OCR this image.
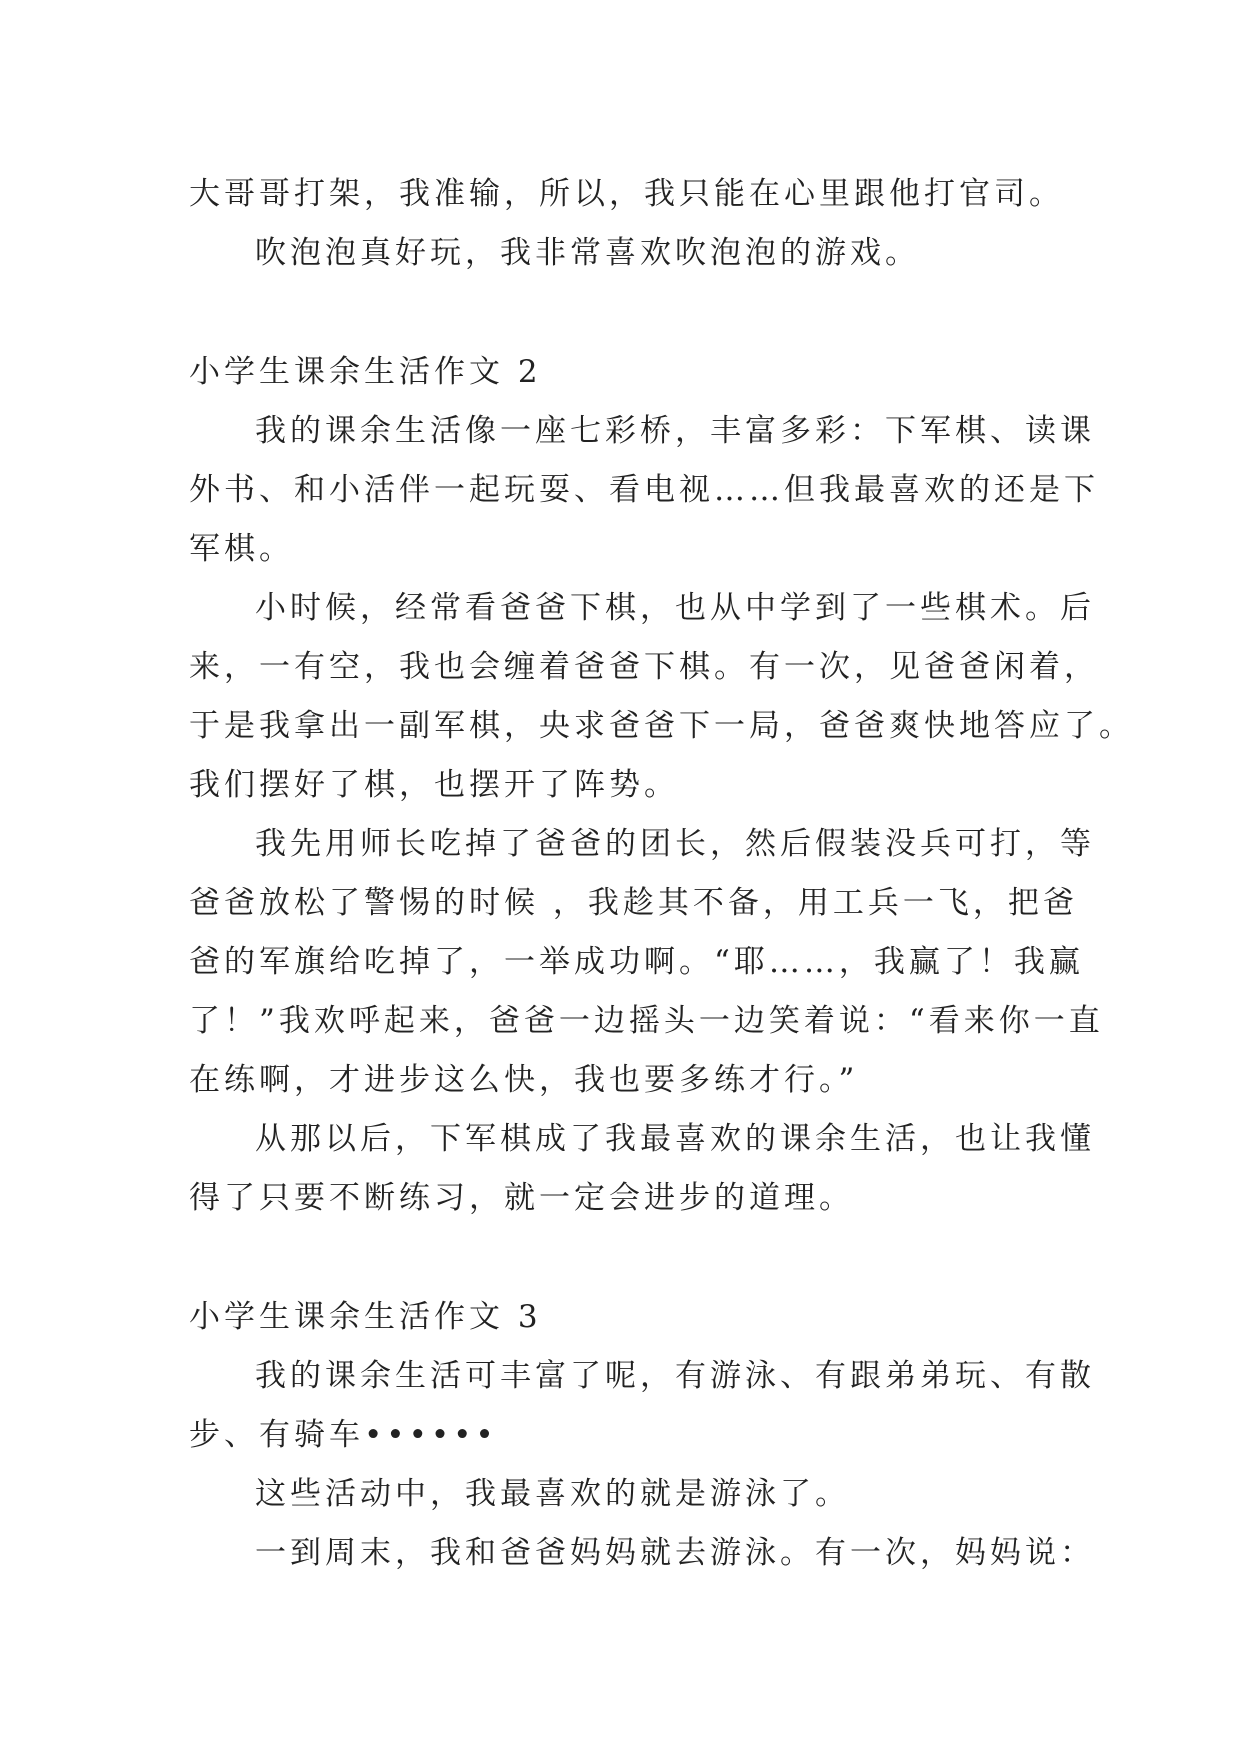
大哥哥打架，我准输，所以，我只能在心里跟他打官司。
吹泡泡真好玩，我非常喜欢吹泡泡的游戏。
小学生课余生活作文 2
我的课余生活像一座七彩桥，丰富多彩：下军棋、读课
外书、和小活伴一起玩耍、看电视……但我最喜欢的还是下
军棋。
小时候，经常看爸爸下棋，也从中学到了一些棋术。后
来，一有空，我也会缠着爸爸下棋。有一次，见爸爸闲着，
于是我拿出一副军棋，央求爸爸下一局，爸爸爽快地答应了。
我们摆好了棋，也摆开了阵势。
我先用师长吃掉了爸爸的团长，然后假装没兵可打，等
爸爸放松了警惕的时候 ，我趁其不备，用工兵一飞，把爸
爸的军旗给吃掉了，一举成功啊。“耶……，我赢了！我赢
了！”我欢呼起来，爸爸一边摇头一边笑着说：“看来你一直
在练啊，才进步这么快，我也要多练才行。”
从那以后，下军棋成了我最喜欢的课余生活，也让我懂
得了只要不断练习，就一定会进步的道理。
小学生课余生活作文 3
我的课余生活可丰富了呢，有游泳、有跟弟弟玩、有散
步、有骑车••••••
这些活动中，我最喜欢的就是游泳了。
一到周末，我和爸爸妈妈就去游泳。有一次，妈妈说：
